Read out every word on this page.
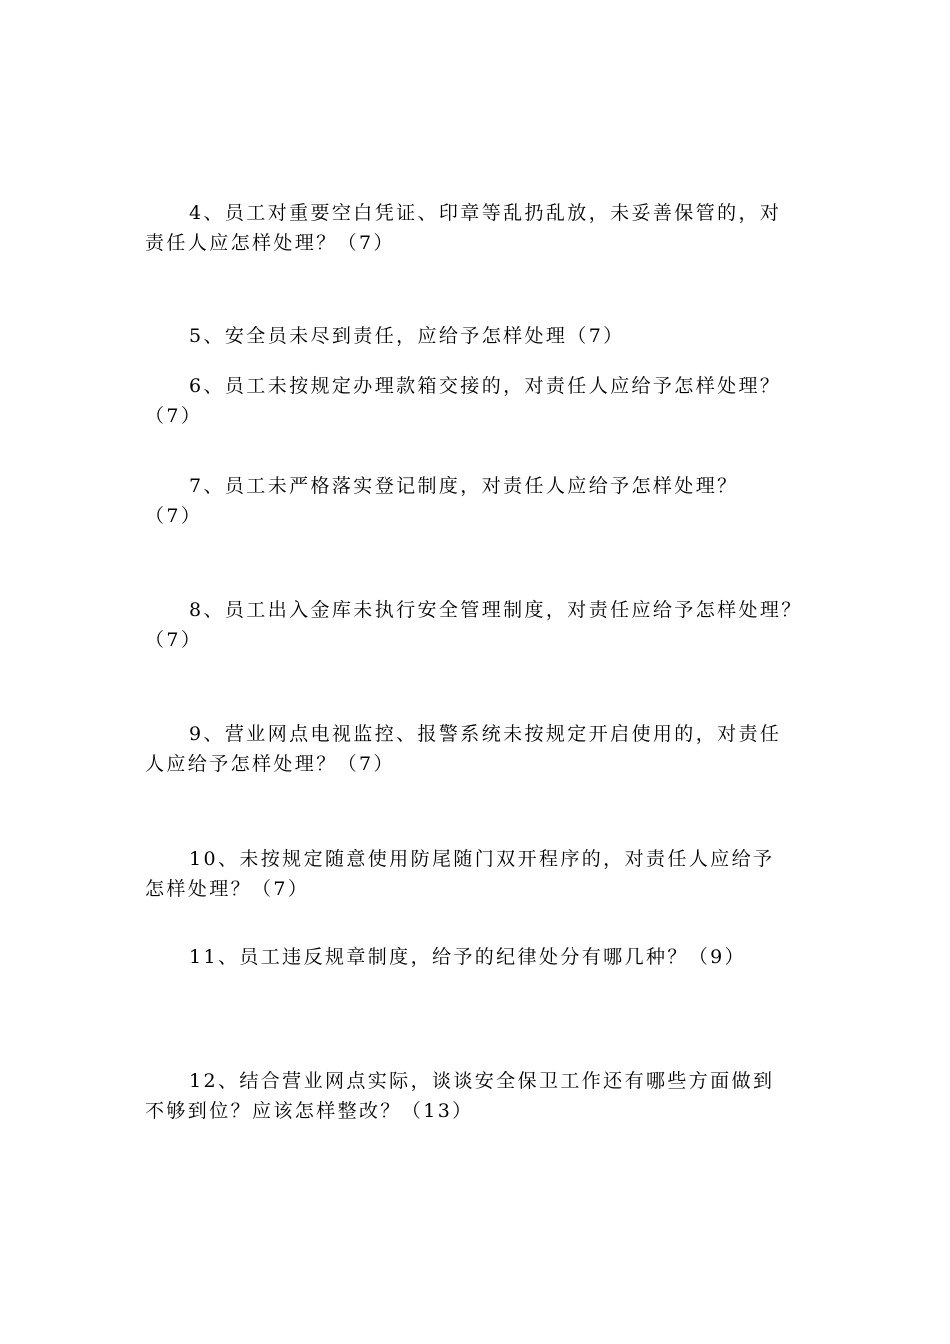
4、员工对重要空白凭证、印章等乱扔乱放，未妥善保管的，对
责任人应怎样处理？（7）

5、安全员未尽到责任，应给予怎样处理（7）

6、员工未按规定办理款箱交接的，对责任人应给予怎样处理？
（7）

7、员工未严格落实登记制度，对责任人应给予怎样处理？
（7）

8、员工出入金库未执行安全管理制度，对责任应给予怎样处理？
（7）

9、营业网点电视监控、报警系统未按规定开启使用的，对责任
人应给予怎样处理？（7）

10、未按规定随意使用防尾随门双开程序的，对责任人应给予
怎样处理？（7）

11、员工违反规章制度，给予的纪律处分有哪几种？（9）

12、结合营业网点实际，谈谈安全保卫工作还有哪些方面做到
不够到位？应该怎样整改？（13）
